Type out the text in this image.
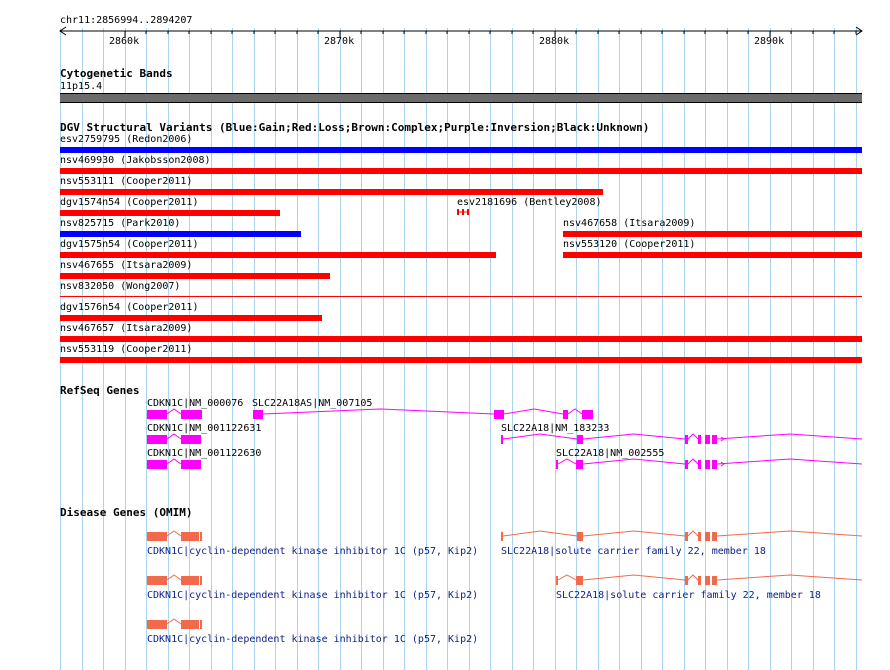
chr11:2856994..2894207
2860k	2870k	2880k	2890k
Cytogenetic Bands
11p15.4
DGV Structural Variants (Blue:Gain;Red:Loss;Brown:Complex;Purple:Inversion;Black:Unknown)
esv2759795 (Redon2006)
nsv469930 (Jakobsson2008)
nsv553111 (Cooper2011)
dgv1574n54 (Cooper2011)	esv2181696 (Bentley2008)
nsv825715 (Park2010)	nsv467658 (Itsara2009)
dgv1575n54 (Cooper2011)	nsv553120 (Cooper2011)
nsv467655 (Itsara2009)
nsv832050 (Wong2007)
dgv1576n54 (Cooper2011)
nsv467657 (Itsara2009)
nsv553119 (Cooper2011)
RefSeq Genes
CDKN1C|NM_000076 SLC22A18AS|NM_007105
CDKN1C|NM_001122631	SLC22A18|NM_183233
CDKN1C|NM_001122630	SLC22A18|NM_002555
Disease Genes (OMIM)
CDKN1C|cyclin-dependent kinase inhibitor 1C (p57, Kip2) SLC22A18|solute carrier family 22, member 18
CDKN1C|cyclin-dependent kinase inhibitor 1C (p57, Kip2)	SLC22A18|solute carrier family 22, member 18
CDKN1C|cyclin-dependent kinase inhibitor 1C (p57, Kip2)
